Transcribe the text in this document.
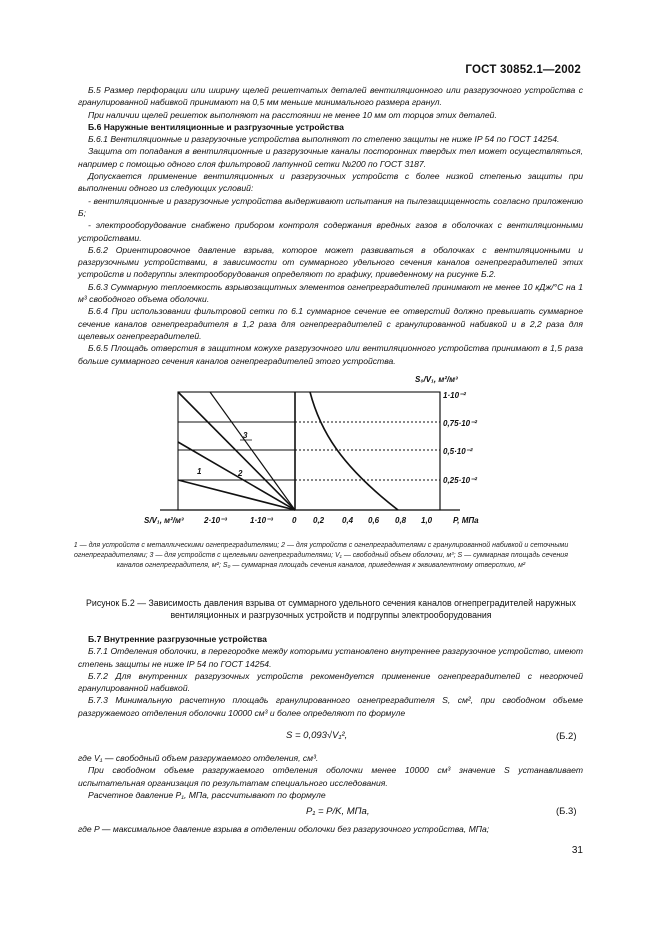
ГОСТ 30852.1—2002

Б.5 Размер перфорации или ширину щелей решетчатых деталей вентиляционного или разгрузочного устройства с гранулированной набивкой принимают на 0,5 мм меньше минимального размера гранул.

При наличии щелей решеток выполняют на расстоянии не менее 10 мм от торцов этих деталей.

Б.6 Наружные вентиляционные и разгрузочные устройства

Б.6.1 Вентиляционные и разгрузочные устройства выполняют по степеню защиты не ниже IP 54 по ГОСТ 14254.

Защита от попадания в вентиляционные и разгрузочные каналы посторонних твердых тел может осуществляться, например с помощью одного слоя фильтровой латунной сетки №200 по ГОСТ 3187.

Допускается применение вентиляционных и разгрузочных устройств с более низкой степенью защиты при выполнении одного из следующих условий:

- вентиляционные и разгрузочные устройства выдерживают испытания на пылезащищенность согласно приложению Б;

- электрооборудование снабжено прибором контроля содержания вредных газов в оболочках с вентиляционными устройствами.

Б.6.2 Ориентировочное давление взрыва, которое может развиваться в оболочках с вентиляционными и разгрузочными устройствами, в зависимости от суммарного удельного сечения каналов огнепреградителей этих устройств и подгруппы электрооборудования определяют по графику, приведенному на рисунке Б.2.

Б.6.3 Суммарную теплоемкость взрывозащитных элементов огнепреградителей принимают не менее 10 кДж/°С на 1 м³ свободного объема оболочки.

Б.6.4 При использовании фильтровой сетки по 6.1 суммарное сечение ее отверстий должно превышать суммарное сечение каналов огнепреградителя в 1,2 раза для огнепреградителей с гранулированной набивкой и в 2,2 раза для щелевых огнепреградителей.

Б.6.5 Площадь отверстия в защитном кожухе разгрузочного или вентиляционного устройства принимают в 1,5 раза больше суммарного сечения каналов огнепреградителей этого устройства.

3
2
1
S₀/V₁, м²/м³
1·10⁻²
0,75·10⁻²
0,5·10⁻²
0,25·10⁻²
S/V₁, м²/м³	2·10⁻³	1·10⁻³ 0 0,2 0,4 0,6 0,8 1,0	P, МПа
1 — для устройств с металлическими огнепреградителями; 2 — для устройств с огнепреградителями с гранулированной набивкой и сеточными огнепреградителями; 3 — для устройств с щелевыми огнепреградителями; V₁ — свободный объем оболочки, м³; S — суммарная площадь сечения каналов огнепреградителя, м²; S₀ — суммарная площадь сечения каналов, приведенная к эквивалентному отверстию, м²
Рисунок Б.2 — Зависимость давления взрыва от суммарного удельного сечения каналов огнепреградителей наружных вентиляционных и разгрузочных устройств и подгруппы электрооборудования

Б.7 Внутренние разгрузочные устройства

Б.7.1 Отделения оболочки, в перегородке между которыми установлено внутреннее разгрузочное устройство, имеют степень защиты не ниже IP 54 по ГОСТ 14254.

Б.7.2 Для внутренних разгрузочных устройств рекомендуется применение огнепреградителей с негорючей гранулированной набивкой.

Б.7.3 Минимальную расчетную площадь гранулированного огнепреградителя S, см², при свободном объеме разгружаемого отделения оболочки 10000 см³ и более определяют по формуле

S = 0,093√V₁²,	(Б.2)

где V₁ — свободный объем разгружаемого отделения, см³.

При свободном объеме разгружаемого отделения оболочки менее 10000 см³ значение S устанавливает испытательная организация по результатам специального исследования.

Расчетное давление P₁, МПа, рассчитывают по формуле

P₁ = P/K, МПа,	(Б.3)

где P — максимальное давление взрыва в отделении оболочки без разгрузочного устройства, МПа;

31
